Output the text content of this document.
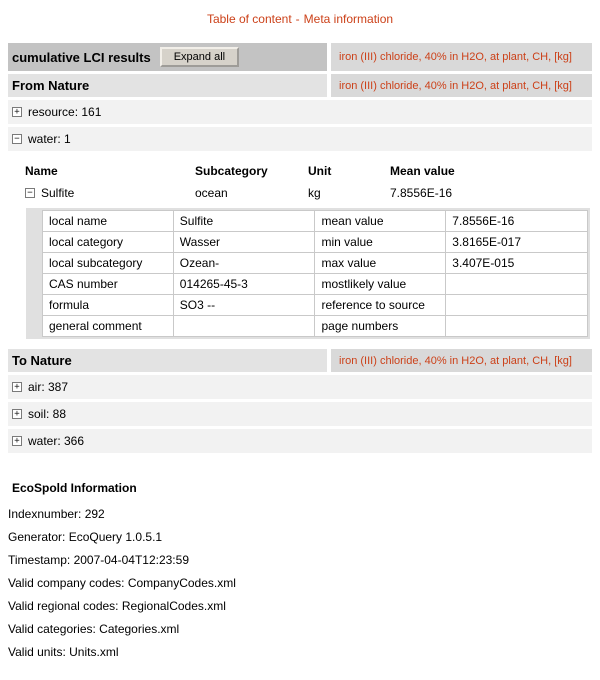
Table of content - Meta information
cumulative LCI results	Expand all	iron (III) chloride, 40% in H2O, at plant, CH, [kg]
From Nature	iron (III) chloride, 40% in H2O, at plant, CH, [kg]
+ resource: 161
− water: 1
Name	Subcategory	Unit	Mean value
− Sulfite	ocean	kg	7.8556E-16
local name	Sulfite	mean value	7.8556E-16
local category	Wasser	min value	3.8165E-017
local subcategory	Ozean-	max value	3.407E-015
CAS number	014265-45-3	mostlikely value	
formula	SO3 --	reference to source	
general comment		page numbers	
To Nature	iron (III) chloride, 40% in H2O, at plant, CH, [kg]
+ air: 387
+ soil: 88
+ water: 366
EcoSpold Information
Indexnumber: 292
Generator: EcoQuery 1.0.5.1
Timestamp: 2007-04-04T12:23:59
Valid company codes: CompanyCodes.xml
Valid regional codes: RegionalCodes.xml
Valid categories: Categories.xml
Valid units: Units.xml
